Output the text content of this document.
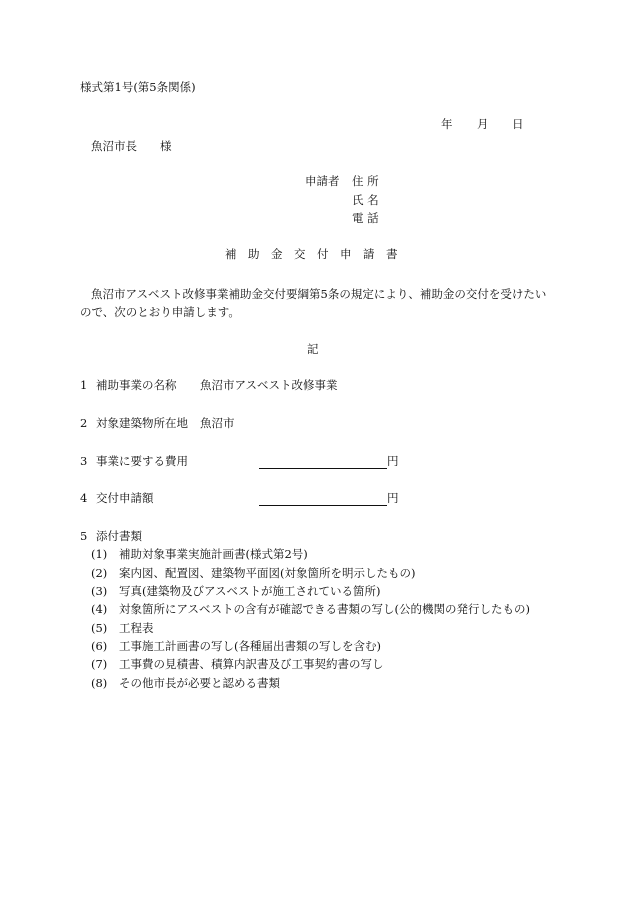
様式第1号(第5条関係)
年 月 日
魚沼市長　　様
申請者 住 所
氏 名
電 話
補　助　金　交　付　申　請　書
魚沼市アスベスト改修事業補助金交付要綱第5条の規定により、補助金の交付を受けたい
ので、次のとおり申請します。
記
1 補助事業の名称 魚沼市アスベスト改修事業
2 対象建築物所在地 魚沼市
3 事業に要する費用	円
4 交付申請額	円
5 添付書類
(1) 補助対象事業実施計画書(様式第2号)
(2) 案内図、配置図、建築物平面図(対象箇所を明示したもの)
(3) 写真(建築物及びアスベストが施工されている箇所)
(4) 対象箇所にアスベストの含有が確認できる書類の写し(公的機関の発行したもの)
(5) 工程表
(6) 工事施工計画書の写し(各種届出書類の写しを含む)
(7) 工事費の見積書、積算内訳書及び工事契約書の写し
(8) その他市長が必要と認める書類
